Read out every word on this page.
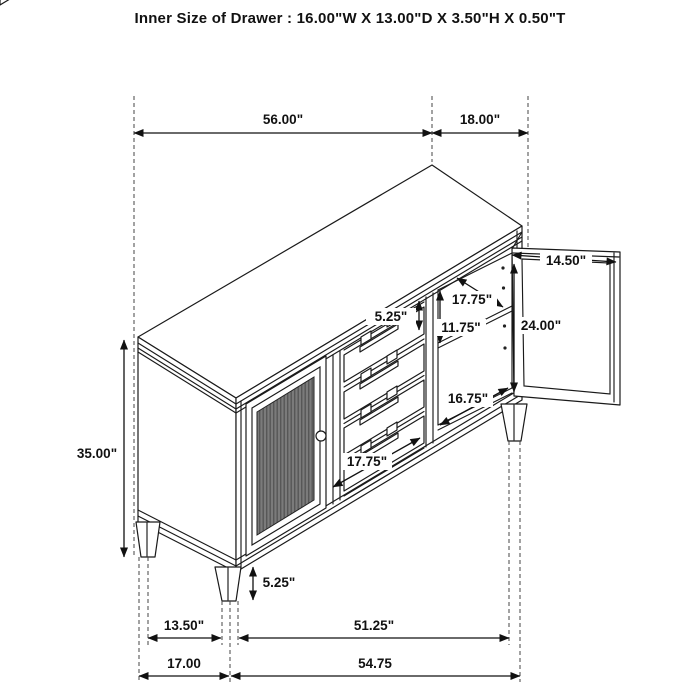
Inner Size of Drawer : 16.00"W X 13.00"D X 3.50"H X 0.50"T
56.00"	18.00"
35.00"
5.25"
17.75"
11.75"	24.00"
14.50"
16.75"
17.75"
5.25"
13.50"	51.25"
17.00	54.75
